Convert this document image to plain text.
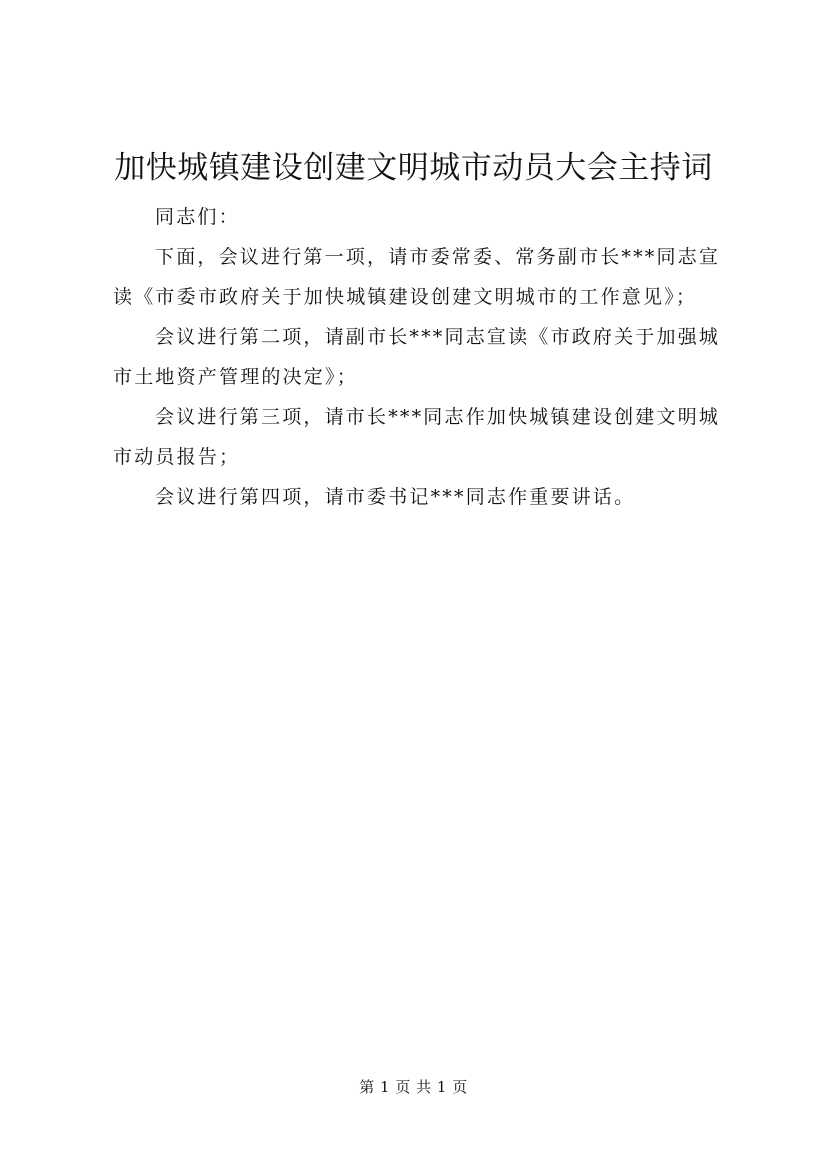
加快城镇建设创建文明城市动员大会主持词

同志们：

下面，会议进行第一项，请市委常委、常务副市长***同志宣读《市委市政府关于加快城镇建设创建文明城市的工作意见》；

会议进行第二项，请副市长***同志宣读《市政府关于加强城市土地资产管理的决定》；

会议进行第三项，请市长***同志作加快城镇建设创建文明城市动员报告；

会议进行第四项，请市委书记***同志作重要讲话。

第 1 页 共 1 页
